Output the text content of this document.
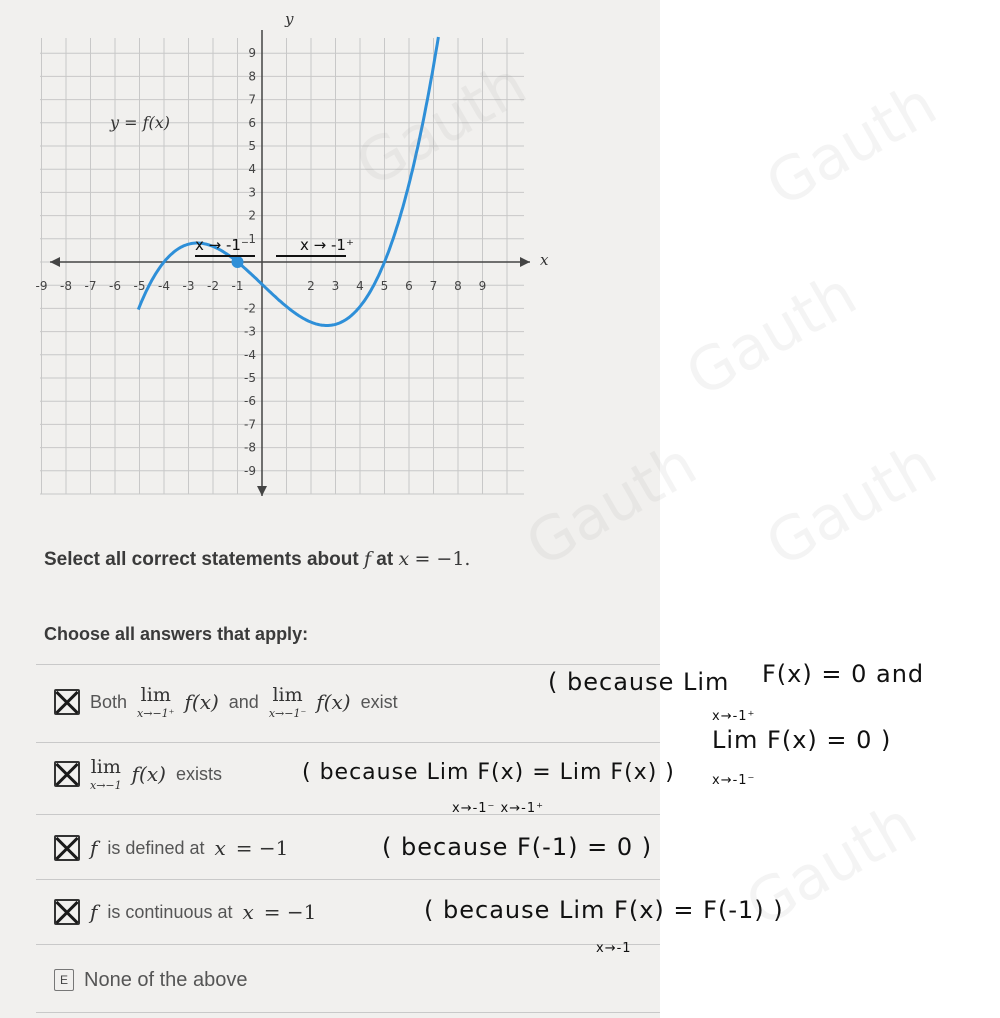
-9 -8 -7 -6 -5 -4 -3 -2 -1	2 3 4 5 6 7 8 9
9
8
7
6
5
4
3
2
1
-2
-3
-4
-5
-6
-7
-8
-9
y = f(x)
y
x
x → -1⁻	x → -1⁺
Select all correct statements about f at x = −1.
Choose all answers that apply:
Both lim
x→−1⁺ f(x) and lim
x→−1⁻ f(x) exist
lim
x→−1 f(x) exists
f is defined at x = −1
f is continuous at x = −1
E None of the above
( because Lim F(x) = 0 and
x→-1⁺
Lim F(x) = 0 )
x→-1⁻
( because Lim F(x) = Lim F(x) )
x→-1⁻ x→-1⁺
( because F(-1) = 0 )
( because Lim F(x) = F(-1) )
x→-1
Gauth
Gauth
Gauth
Gauth
